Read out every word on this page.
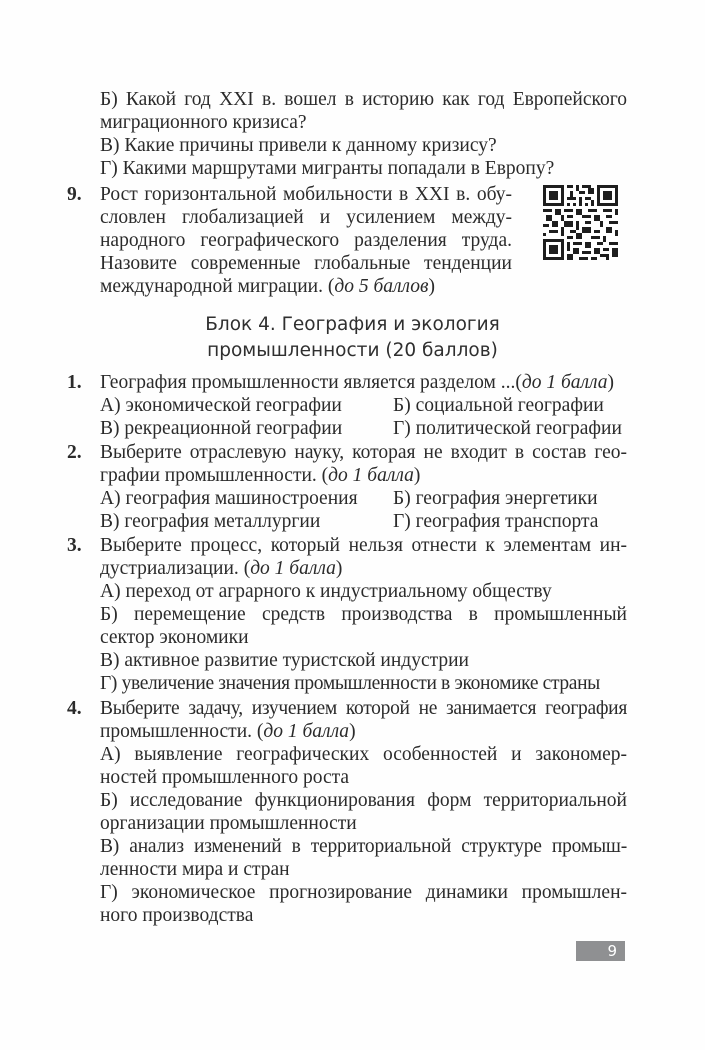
Б) Какой год XXI в. вошел в историю как год Европейского
миграционного кризиса?
В) Какие причины привели к данному кризису?
Г) Какими маршрутами мигранты попадали в Европу?
9. Рост горизонтальной мобильности в XXI в. обу-
словлен глобализацией и усилением между-
народного географического разделения труда.
Назовите современные глобальные тенденции
международной миграции. (до 5 баллов)
Блок 4. География и экология
промышленности (20 баллов)
1. География промышленности является разделом ...(до 1 балла)
А) экономической географии	Б) социальной географии
В) рекреационной географии	Г) политической географии
2. Выберите отраслевую науку, которая не входит в состав гео-
графии промышленности. (до 1 балла)
А) география машиностроения	Б) география энергетики
В) география металлургии	Г) география транспорта
3. Выберите процесс, который нельзя отнести к элементам ин-
дустриализации. (до 1 балла)
А) переход от аграрного к индустриальному обществу
Б) перемещение средств производства в промышленный
сектор экономики
В) активное развитие туристской индустрии
Г) увеличение значения промышленности в экономике страны
4. Выберите задачу, изучением которой не занимается география
промышленности. (до 1 балла)
А) выявление географических особенностей и закономер-
ностей промышленного роста
Б) исследование функционирования форм территориальной
организации промышленности
В) анализ изменений в территориальной структуре промыш-
ленности мира и стран
Г) экономическое прогнозирование динамики промышлен-
ного производства
9
